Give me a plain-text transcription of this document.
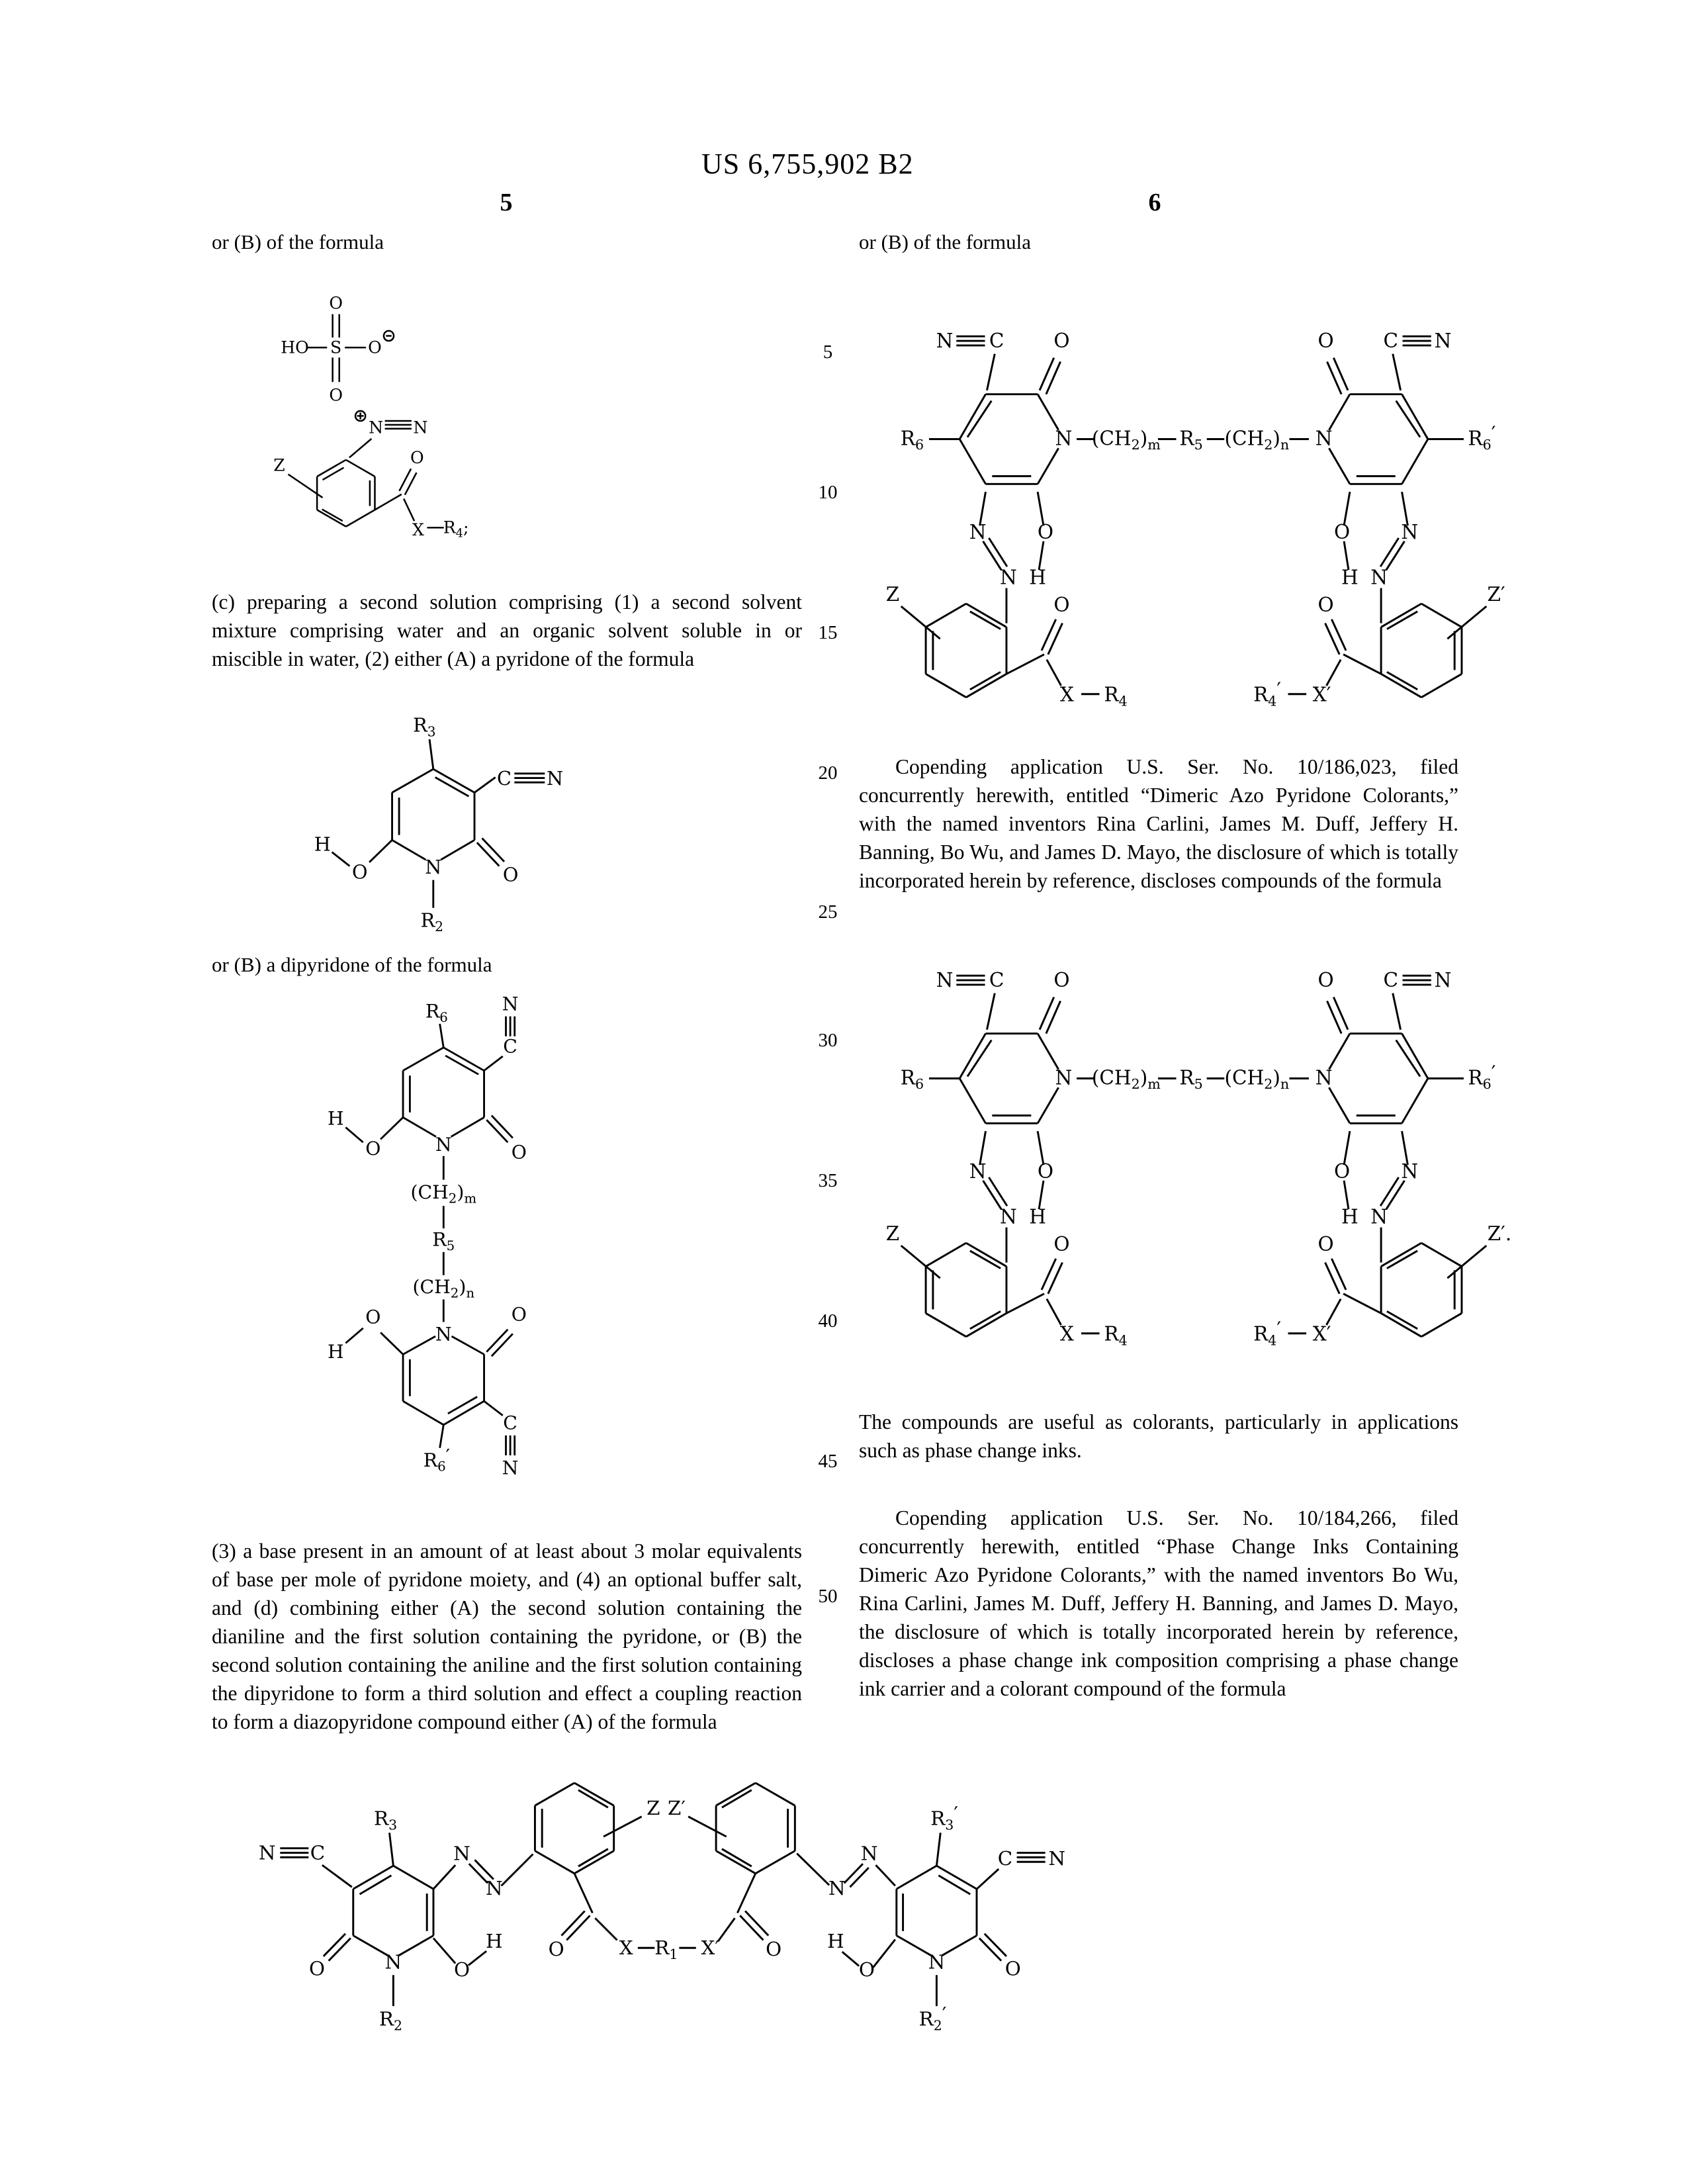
US 6,755,902 B2
5	6
5
10
15
20
25
30
35
40
45
50
or (B) of the formula
O
HO S O
O
N N
Z	O
X $R_4$;

(c) preparing a second solution comprising (1) a second solvent mixture comprising water and an organic solvent soluble in or miscible in water, (2) either (A) a pyridone of the formula

$R_3$
C N
O
N
$R_2$
O
H
or (B) a dipyridone of the formula
$R_6$
N
C
O
O
H
N
$(CH_2)_m$
$R_5$
$(CH_2)_n$
N
O
O
H
$R_6'$
C
N

(3) a base present in an amount of at least about 3 molar equivalents of base per mole of pyridone moiety, and (4) an optional buffer salt, and (d) combining either (A) the second solution containing the dianiline and the first solution containing the pyridone, or (B) the second solution containing the aniline and the first solution containing the dipyridone to form a third solution and effect a coupling reaction to form a diazopyridone compound either (A) of the formula

or (B) of the formula
N C O
$R_6$	N $(CH_2)_m$ $R_5$ $(CH_2)_n$ N
O C N
$R_6'$
N
N
O
H
O
H
N
N
Z	Z′
O
X $R_4$
O
$R_4'$ X′

Copending application U.S. Ser. No. 10/186,023, filed concurrently herewith, entitled “Dimeric Azo Pyridone Colorants,” with the named inventors Rina Carlini, James M. Duff, Jeffery H. Banning, Bo Wu, and James D. Mayo, the disclosure of which is totally incorporated herein by reference, discloses compounds of the formula

N C O
$R_6$	N $(CH_2)_m$ $R_5$ $(CH_2)_n$ N
O C N
$R_6'$
N
N
O
H
O
H
N
N
Z	Z′.
O
X $R_4$
O
$R_4'$ X′

The compounds are useful as colorants, particularly in applications such as phase change inks.

Copending application U.S. Ser. No. 10/184,266, filed concurrently herewith, entitled “Phase Change Inks Containing Dimeric Azo Pyridone Colorants,” with the named inventors Bo Wu, Rina Carlini, James M. Duff, Jeffery H. Banning, and James D. Mayo, the disclosure of which is totally incorporated herein by reference, discloses a phase change ink composition comprising a phase change ink carrier and a colorant compound of the formula

N C
$R_3$
N
N
Z
O	N
$R_2$
O
H O	X $R_1$ X′ O
Z′
N
N
$R_3'$
C N
H
O	O
N
$R_2'$
